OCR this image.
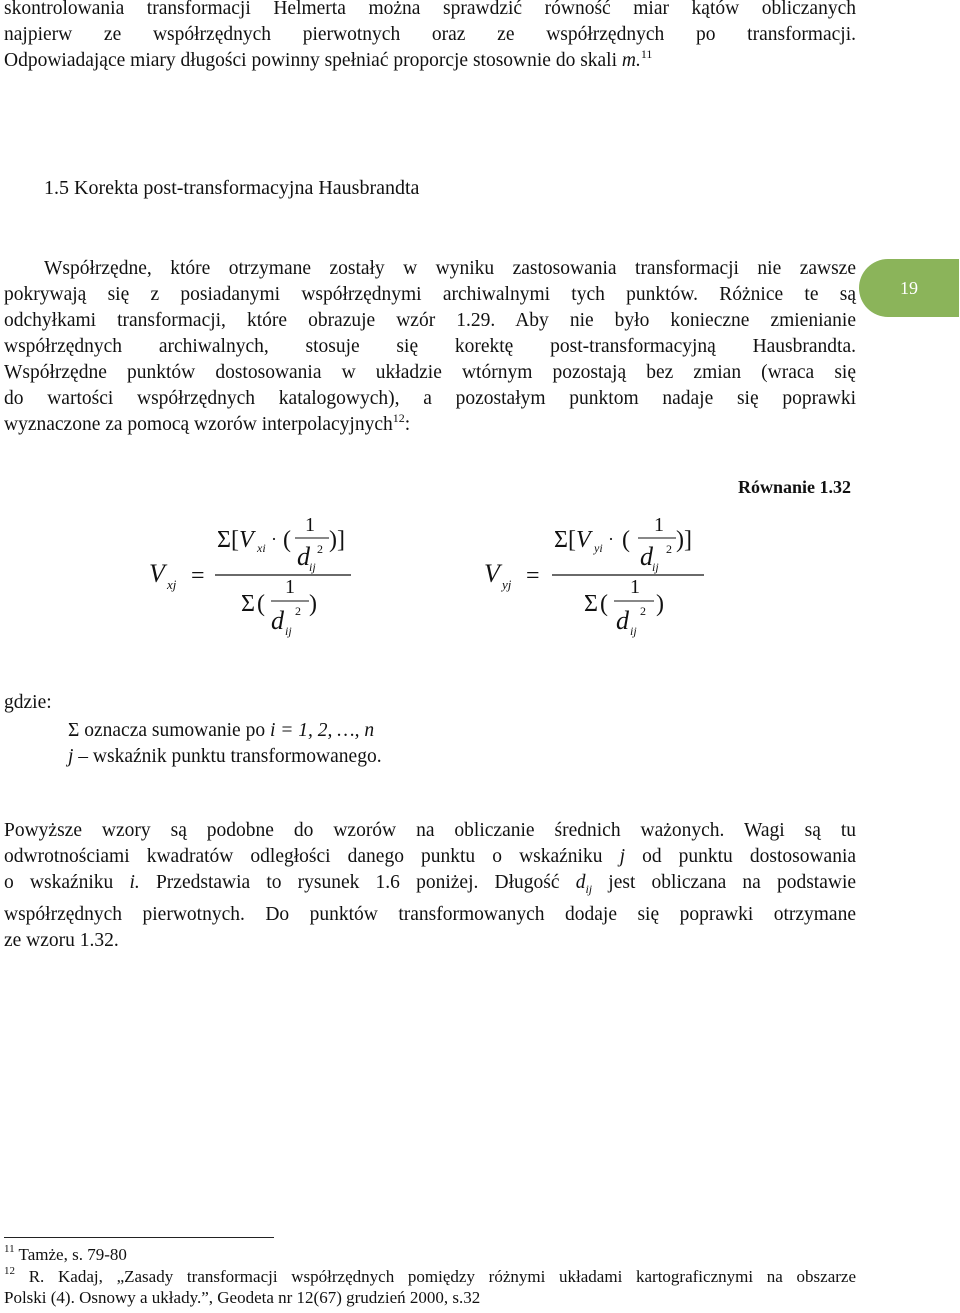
skontrolowania transformacji Helmerta można sprawdzić równość miar kątów obliczanych
najpierw ze współrzędnych pierwotnych oraz ze współrzędnych po transformacji.
Odpowiadające miary długości powinny spełniać proporcje stosownie do skali m.$^{11}$

1.5 Korekta post-transformacyjna Hausbrandta
19

Współrzędne, które otrzymane zostały w wyniku zastosowania transformacji nie zawsze
pokrywają się z posiadanymi współrzędnymi archiwalnymi tych punktów. Różnice te są
odchyłkami transformacji, które obrazuje wzór 1.29. Aby nie było konieczne zmienianie
współrzędnych archiwalnych, stosuje się korektę post-transformacyjną Hausbrandta.
Współrzędne punktów dostosowania w układzie wtórnym pozostają bez zmian (wraca się
do wartości współrzędnych katalogowych), a pozostałym punktom nadaje się poprawki
wyznaczone za pomocą wzorów interpolacyjnych$^{12}$:

Równanie 1.32
V xj =
Σ [ V xi · (
1
d 2
ij
)]
Σ (
1
d 2
ij
)
V yj =
Σ [ V yi · (
1
d 2
ij
)]
Σ (
1
d 2
ij
)
gdzie:
Σ oznacza sumowanie po i = 1, 2, …, n
j – wskaźnik punktu transformowanego.

Powyższe wzory są podobne do wzorów na obliczanie średnich ważonych. Wagi są tu
odwrotnościami kwadratów odległości danego punktu o wskaźniku j od punktu dostosowania
o wskaźniku i. Przedstawia to rysunek 1.6 poniżej. Długość $d_{ij}$ jest obliczana na podstawie
współrzędnych pierwotnych. Do punktów transformowanych dodaje się poprawki otrzymane
ze wzoru 1.32.

$^{11}$ Tamże, s. 79-80
$^{12}$ R. Kadaj, „Zasady transformacji współrzędnych pomiędzy różnymi układami kartograficznymi na obszarze
Polski (4). Osnowy a układy.”, Geodeta nr 12(67) grudzień 2000, s.32
